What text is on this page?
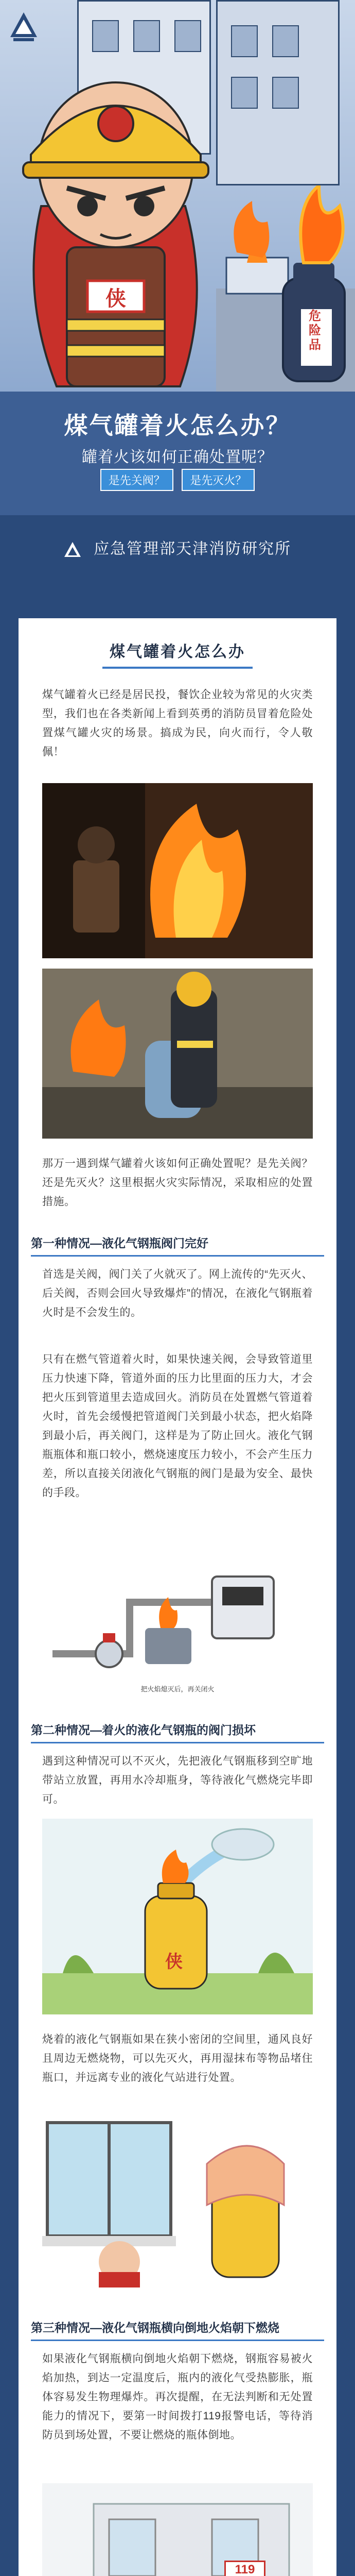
侠
危险品
煤气罐着火怎么办？
罐着火该如何正确处置呢？
是先关阀？ 是先灭火？
应急管理部天津消防研究所
煤气罐着火怎么办

煤气罐着火已经是居民投，餐饮企业较为常见的火灾类型，我们也在各类新闻上看到英勇的消防员冒着危险处置煤气罐火灾的场景。搞成为民，向火而行，令人敬佩！

那万一遇到煤气罐着火该如何正确处置呢？是先关阀？还是先灭火？这里根据火灾实际情况，采取相应的处置措施。

第一种情况—液化气钢瓶阀门完好

首选是关阀，阀门关了火就灭了。网上流传的“先灭火、后关阀，否则会回火导致爆炸”的情况，在液化气钢瓶着火时是不会发生的。

只有在燃气管道着火时，如果快速关阀，会导致管道里压力快速下降，管道外面的压力比里面的压力大，才会把火压到管道里去造成回火。消防员在处置燃气管道着火时，首先会缓慢把管道阀门关到最小状态，把火焰降到最小后，再关阀门，这样是为了防止回火。液化气钢瓶瓶体和瓶口较小，燃烧速度压力较小，不会产生压力差，所以直接关闭液化气钢瓶的阀门是最为安全、最快的手段。

把火焰熄灭后，再关闭火
第二种情况—着火的液化气钢瓶的阀门损坏

遇到这种情况可以不灭火，先把液化气钢瓶移到空旷地带站立放置，再用水冷却瓶身，等待液化气燃烧完毕即可。

侠

烧着的液化气钢瓶如果在狭小密闭的空间里，通风良好且周边无燃烧物，可以先灭火，再用湿抹布等物品堵住瓶口，并远离专业的液化气站进行处置。

第三种情况—液化气钢瓶横向倒地火焰朝下燃烧

如果液化气钢瓶横向倒地火焰朝下燃烧，钢瓶容易被火焰加热，到达一定温度后，瓶内的液化气受热膨胀，瓶体容易发生物理爆炸。再次提醒，在无法判断和无处置能力的情况下，要第一时间拨打119报警电话，等待消防员到场处置，不要让燃烧的瓶体倒地。

119
